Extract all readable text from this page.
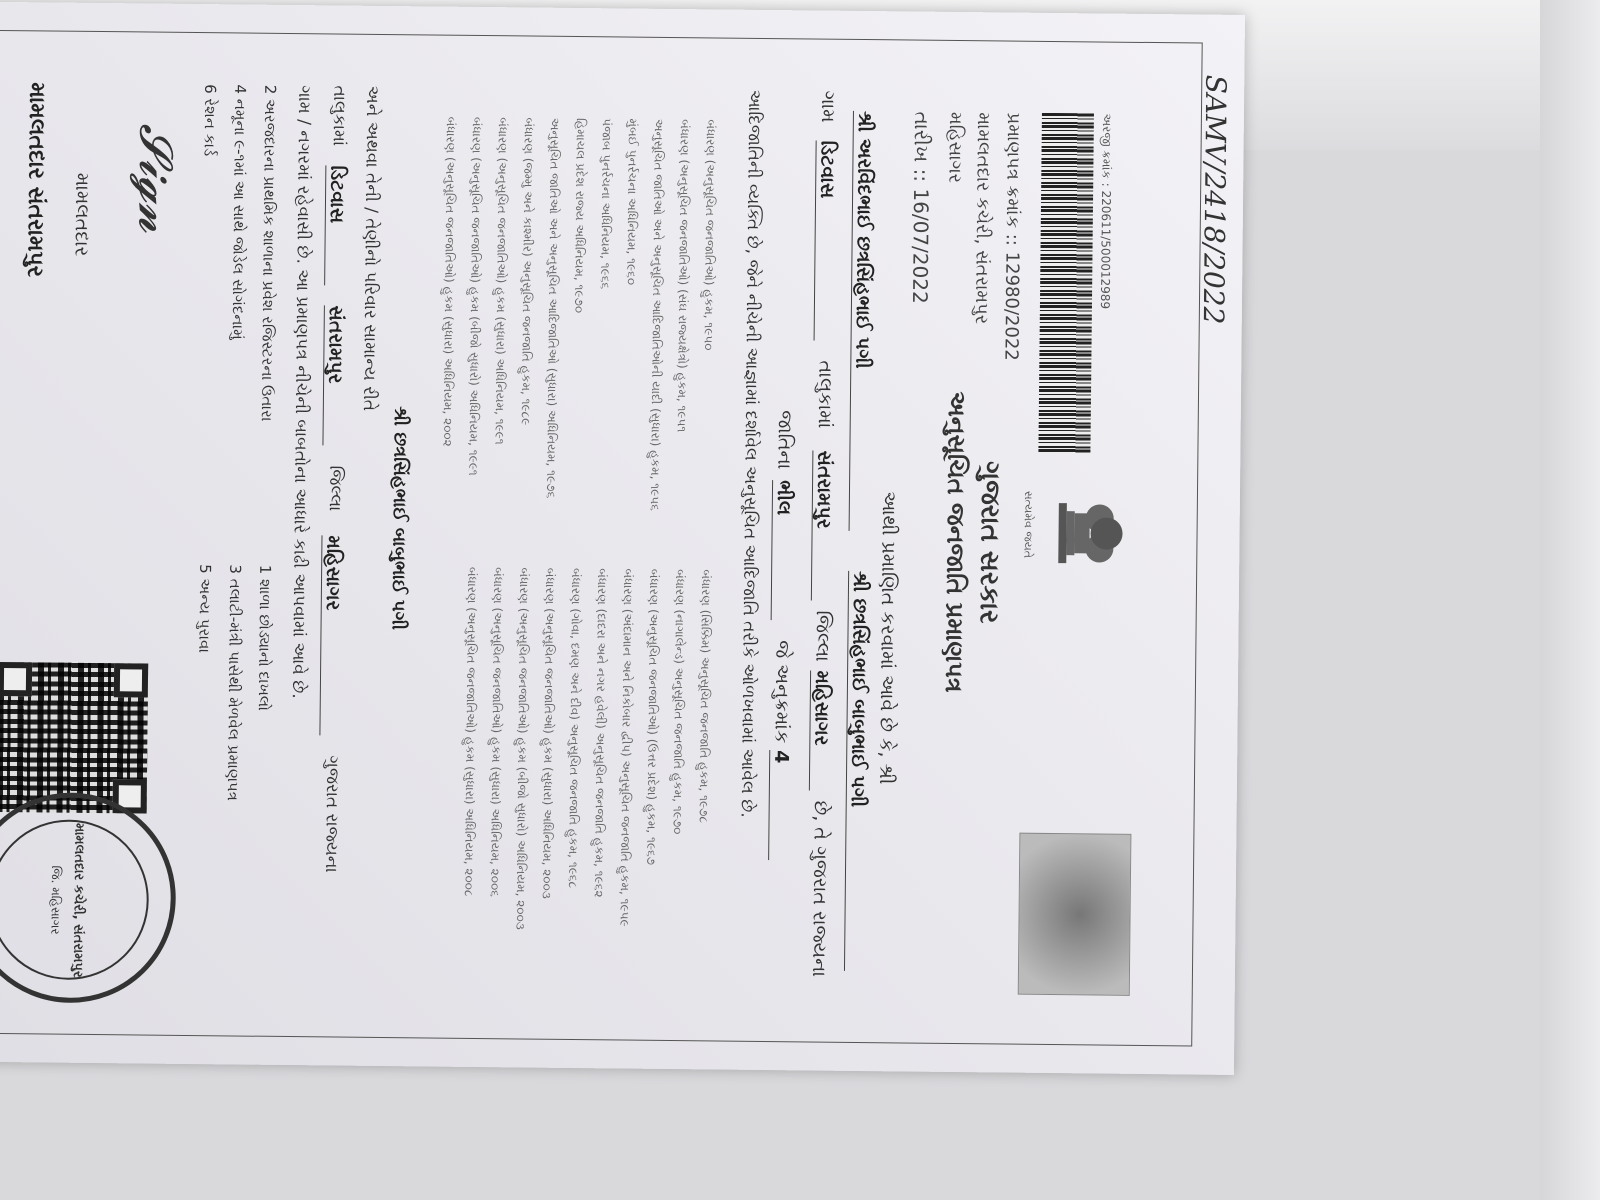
SAMV/2418/2022
અરજી ક્રમાંક : 220611/500012989
પ્રમાણપત્ર ક્રમાંક :: 12980/2022
મામલતદાર કચેરી, સંતરામપુર
મહિસાગર
તારીખ :: 16/07/2022
સત્યમેવ જયતે
ગુજરાત સરકાર
અનુસૂચિત જનજાતિ પ્રમાણપત્ર
આથી પ્રમાણિત કરવામાં આવે છે કે, શ્રી
શ્રી અરવિંદભાઈ છત્રસિંહભાઈ પગી
શ્રી છત્રસિંહભાઈ બાબુભાઈ પગી
ગામ
ડિટવાસ
તાલુકામાં
સંતરામપુર
જિલ્લા
મહિસાગર
છે, તે ગુજરાત રાજ્યના
જાતિના
ભીલ
જે અનુક્રમાંક
4
આદિજાતિની વ્યક્તિ છે, જેને નીચેની આજ્ઞામાં દર્શાવેલ અનુસૂચિત આદિજાતિ તરીકે ઓળખવામાં આવેલ છે.
બંધારણ (અનુસૂચિત જનજાતિઓ) હુકમ, ૧૯૫૦
બંધારણ (અનુસૂચિત જનજાતિઓ) (સંઘ રાજ્યક્ષેત્રો) હુકમ, ૧૯૫૧
અનુસૂચિત જાતિઓ અને અનુસૂચિત આદિજાતિઓની યાદી (સુધારા) હુકમ, ૧૯૫૬
મુંબઈ પુનર્રચના અધિનિયમ, ૧૯૬૦
પંજાબ પુનર્રચના અધિનિયમ, ૧૯૬૬
હિમાચલ પ્રદેશ રાજ્ય અધિનિયમ, ૧૯૭૦
અનુસૂચિત જાતિઓ અને અનુસૂચિત આદિજાતિઓ (સુધારા) અધિનિયમ, ૧૯૭૬
બંધારણ (જમ્મુ અને કાશ્મીર) અનુસૂચિત જનજાતિ હુકમ, ૧૯૮૯
બંધારણ (અનુસૂચિત જનજાતિઓ) હુકમ (સુધારા) અધિનિયમ, ૧૯૯૧
બંધારણ (અનુસૂચિત જનજાતિઓ) હુકમ (બીજો સુધારો) અધિનિયમ, ૧૯૯૧
બંધારણ (અનુસૂચિત જનજાતિઓ) હુકમ (સુધારા) અધિનિયમ, ૨૦૦૨
બંધારણ (સિક્કિમ) અનુસૂચિત જનજાતિ હુકમ, ૧૯૭૮
બંધારણ (નાગાલેન્ડ) અનુસૂચિત જનજાતિ હુકમ, ૧૯૭૦
બંધારણ (અનુસૂચિત જનજાતિઓ) (ઉત્તર પ્રદેશ) હુકમ, ૧૯૬૭
બંધારણ (અંદામાન અને નિકોબાર દ્વીપ) અનુસૂચિત જનજાતિ હુકમ, ૧૯૫૯
બંધારણ (દાદરા અને નગર હવેલી) અનુસૂચિત જનજાતિ હુકમ, ૧૯૬૨
બંધારણ (ગોવા, દમણ અને દીવ) અનુસૂચિત જનજાતિ હુકમ, ૧૯૬૮
બંધારણ (અનુસૂચિત જનજાતિઓ) હુકમ (સુધારા) અધિનિયમ, ૨૦૦૩
બંધારણ (અનુસૂચિત જનજાતિઓ) હુકમ (બીજો સુધારો) અધિનિયમ, ૨૦૦૩
બંધારણ (અનુસૂચિત જનજાતિઓ) હુકમ (સુધારા) અધિનિયમ, ૨૦૦૬
બંધારણ (અનુસૂચિત જનજાતિઓ) હુકમ (સુધારા) અધિનિયમ, ૨૦૦૮
શ્રી છત્રસિંહભાઈ બાબુભાઈ પગી
અને અથવા તેની / તેણીનો પરિવાર સામાન્ય રીતે
તાલુકામાં
ડિટવાસ
સંતરામપુર
જિલ્લા
મહિસાગર
ગુજરાત રાજ્યના
ગામ / નગરમાં રહેવાસી છે. આ પ્રમાણપત્ર નીચેની બાબતોના આધારે કાઢી આપવામાં આવે છે.
2 અરજદારના પ્રાથમિક શાળાના પ્રવેશ રજિસ્ટરના ઉતારા
1 શાળા છોડ્યાનો દાખલો
4 નમૂના ૯-૧માં આ સાથે જોડેલ સોગંદનામું
3 તલાટી-મંત્રી પાસેથી મેળવેલ પ્રમાણપત્ર
6 રેશન કાર્ડ
5 અન્ય પુરાવા
𝓢𝓲𝓰𝓷
મામલતદાર
મામલતદાર સંતરામપુર
મામલતદાર કચેરી, સંતરામપુર
જિ. મહિસાગર
